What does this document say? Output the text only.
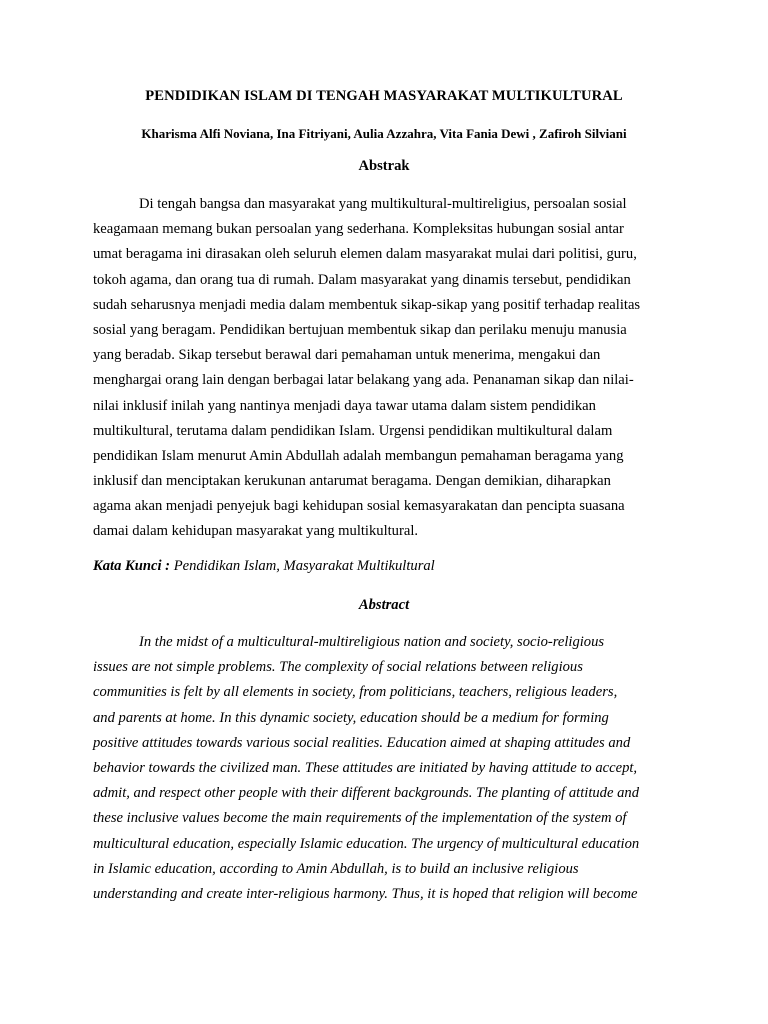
PENDIDIKAN ISLAM DI TENGAH MASYARAKAT MULTIKULTURAL
Kharisma Alfi Noviana, Ina Fitriyani, Aulia Azzahra, Vita Fania Dewi , Zafiroh Silviani
Abstrak
Di tengah bangsa dan masyarakat yang multikultural-multireligius, persoalan sosial
keagamaan memang bukan persoalan yang sederhana. Kompleksitas hubungan sosial antar
umat beragama ini dirasakan oleh seluruh elemen dalam masyarakat mulai dari politisi, guru,
tokoh agama, dan orang tua di rumah. Dalam masyarakat yang dinamis tersebut, pendidikan
sudah seharusnya menjadi media dalam membentuk sikap-sikap yang positif terhadap realitas
sosial yang beragam. Pendidikan bertujuan membentuk sikap dan perilaku menuju manusia
yang beradab. Sikap tersebut berawal dari pemahaman untuk menerima, mengakui dan
menghargai orang lain dengan berbagai latar belakang yang ada. Penanaman sikap dan nilai-
nilai inklusif inilah yang nantinya menjadi daya tawar utama dalam sistem pendidikan
multikultural, terutama dalam pendidikan Islam. Urgensi pendidikan multikultural dalam
pendidikan Islam menurut Amin Abdullah adalah membangun pemahaman beragama yang
inklusif dan menciptakan kerukunan antarumat beragama. Dengan demikian, diharapkan
agama akan menjadi penyejuk bagi kehidupan sosial kemasyarakatan dan pencipta suasana
damai dalam kehidupan masyarakat yang multikultural.
Kata Kunci : Pendidikan Islam, Masyarakat Multikultural
Abstract
In the midst of a multicultural-multireligious nation and society, socio-religious
issues are not simple problems. The complexity of social relations between religious
communities is felt by all elements in society, from politicians, teachers, religious leaders,
and parents at home. In this dynamic society, education should be a medium for forming
positive attitudes towards various social realities. Education aimed at shaping attitudes and
behavior towards the civilized man. These attitudes are initiated by having attitude to accept,
admit, and respect other people with their different backgrounds. The planting of attitude and
these inclusive values become the main requirements of the implementation of the system of
multicultural education, especially Islamic education. The urgency of multicultural education
in Islamic education, according to Amin Abdullah, is to build an inclusive religious
understanding and create inter-religious harmony. Thus, it is hoped that religion will become
